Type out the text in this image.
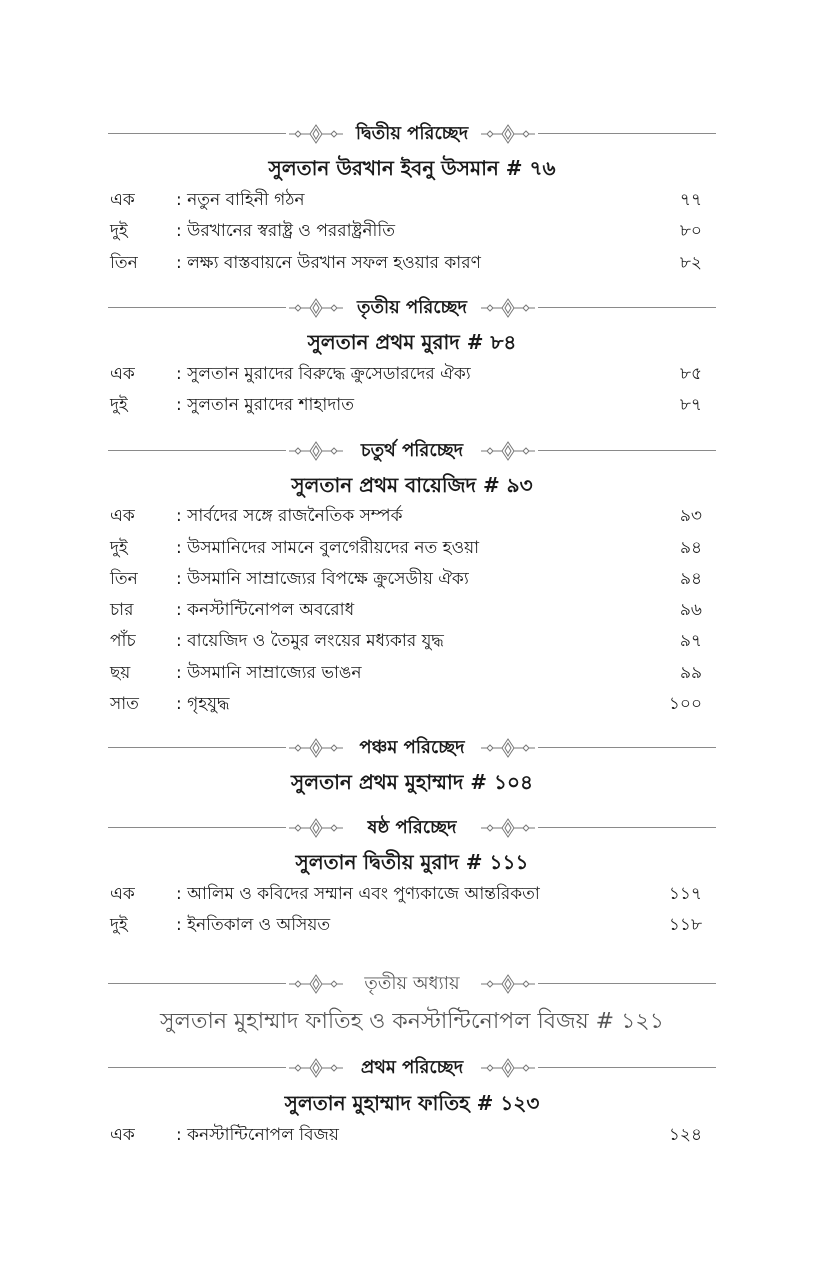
দ্বিতীয় পরিচ্ছেদ
সুলতান উরখান ইবনু উসমান # ৭৬
এক : নতুন বাহিনী গঠন	৭৭
দুই	: উরখানের স্বরাষ্ট্র ও পররাষ্ট্রনীতি	৮০
তিন : লক্ষ্য বাস্তবায়নে উরখান সফল হওয়ার কারণ	৮২
তৃতীয় পরিচ্ছেদ
সুলতান প্রথম মুরাদ # ৮৪
এক : সুলতান মুরাদের বিরুদ্ধে ক্রুসেডারদের ঐক্য	৮৫
দুই	: সুলতান মুরাদের শাহাদাত	৮৭
চতুর্থ পরিচ্ছেদ
সুলতান প্রথম বায়েজিদ # ৯৩
এক : সার্বদের সঙ্গে রাজনৈতিক সম্পর্ক	৯৩
দুই	: উসমানিদের সামনে বুলগেরীয়দের নত হওয়া	৯৪
তিন : উসমানি সাম্রাজ্যের বিপক্ষে ক্রুসেডীয় ঐক্য	৯৪
চার	: কনস্টান্টিনোপল অবরোধ	৯৬
পাঁচ : বায়েজিদ ও তৈমুর লংয়ের মধ্যকার যুদ্ধ	৯৭
ছয়	: উসমানি সাম্রাজ্যের ভাঙন	৯৯
সাত : গৃহযুদ্ধ	১০০
পঞ্চম পরিচ্ছেদ
সুলতান প্রথম মুহাম্মাদ # ১০৪
ষষ্ঠ পরিচ্ছেদ
সুলতান দ্বিতীয় মুরাদ # ১১১
এক : আলিম ও কবিদের সম্মান এবং পুণ্যকাজে আন্তরিকতা	১১৭
দুই	: ইনতিকাল ও অসিয়ত	১১৮
তৃতীয় অধ্যায়
সুলতান মুহাম্মাদ ফাতিহ ও কনস্টান্টিনোপল বিজয় # ১২১
প্রথম পরিচ্ছেদ
সুলতান মুহাম্মাদ ফাতিহ # ১২৩
এক : কনস্টান্টিনোপল বিজয়	১২৪
